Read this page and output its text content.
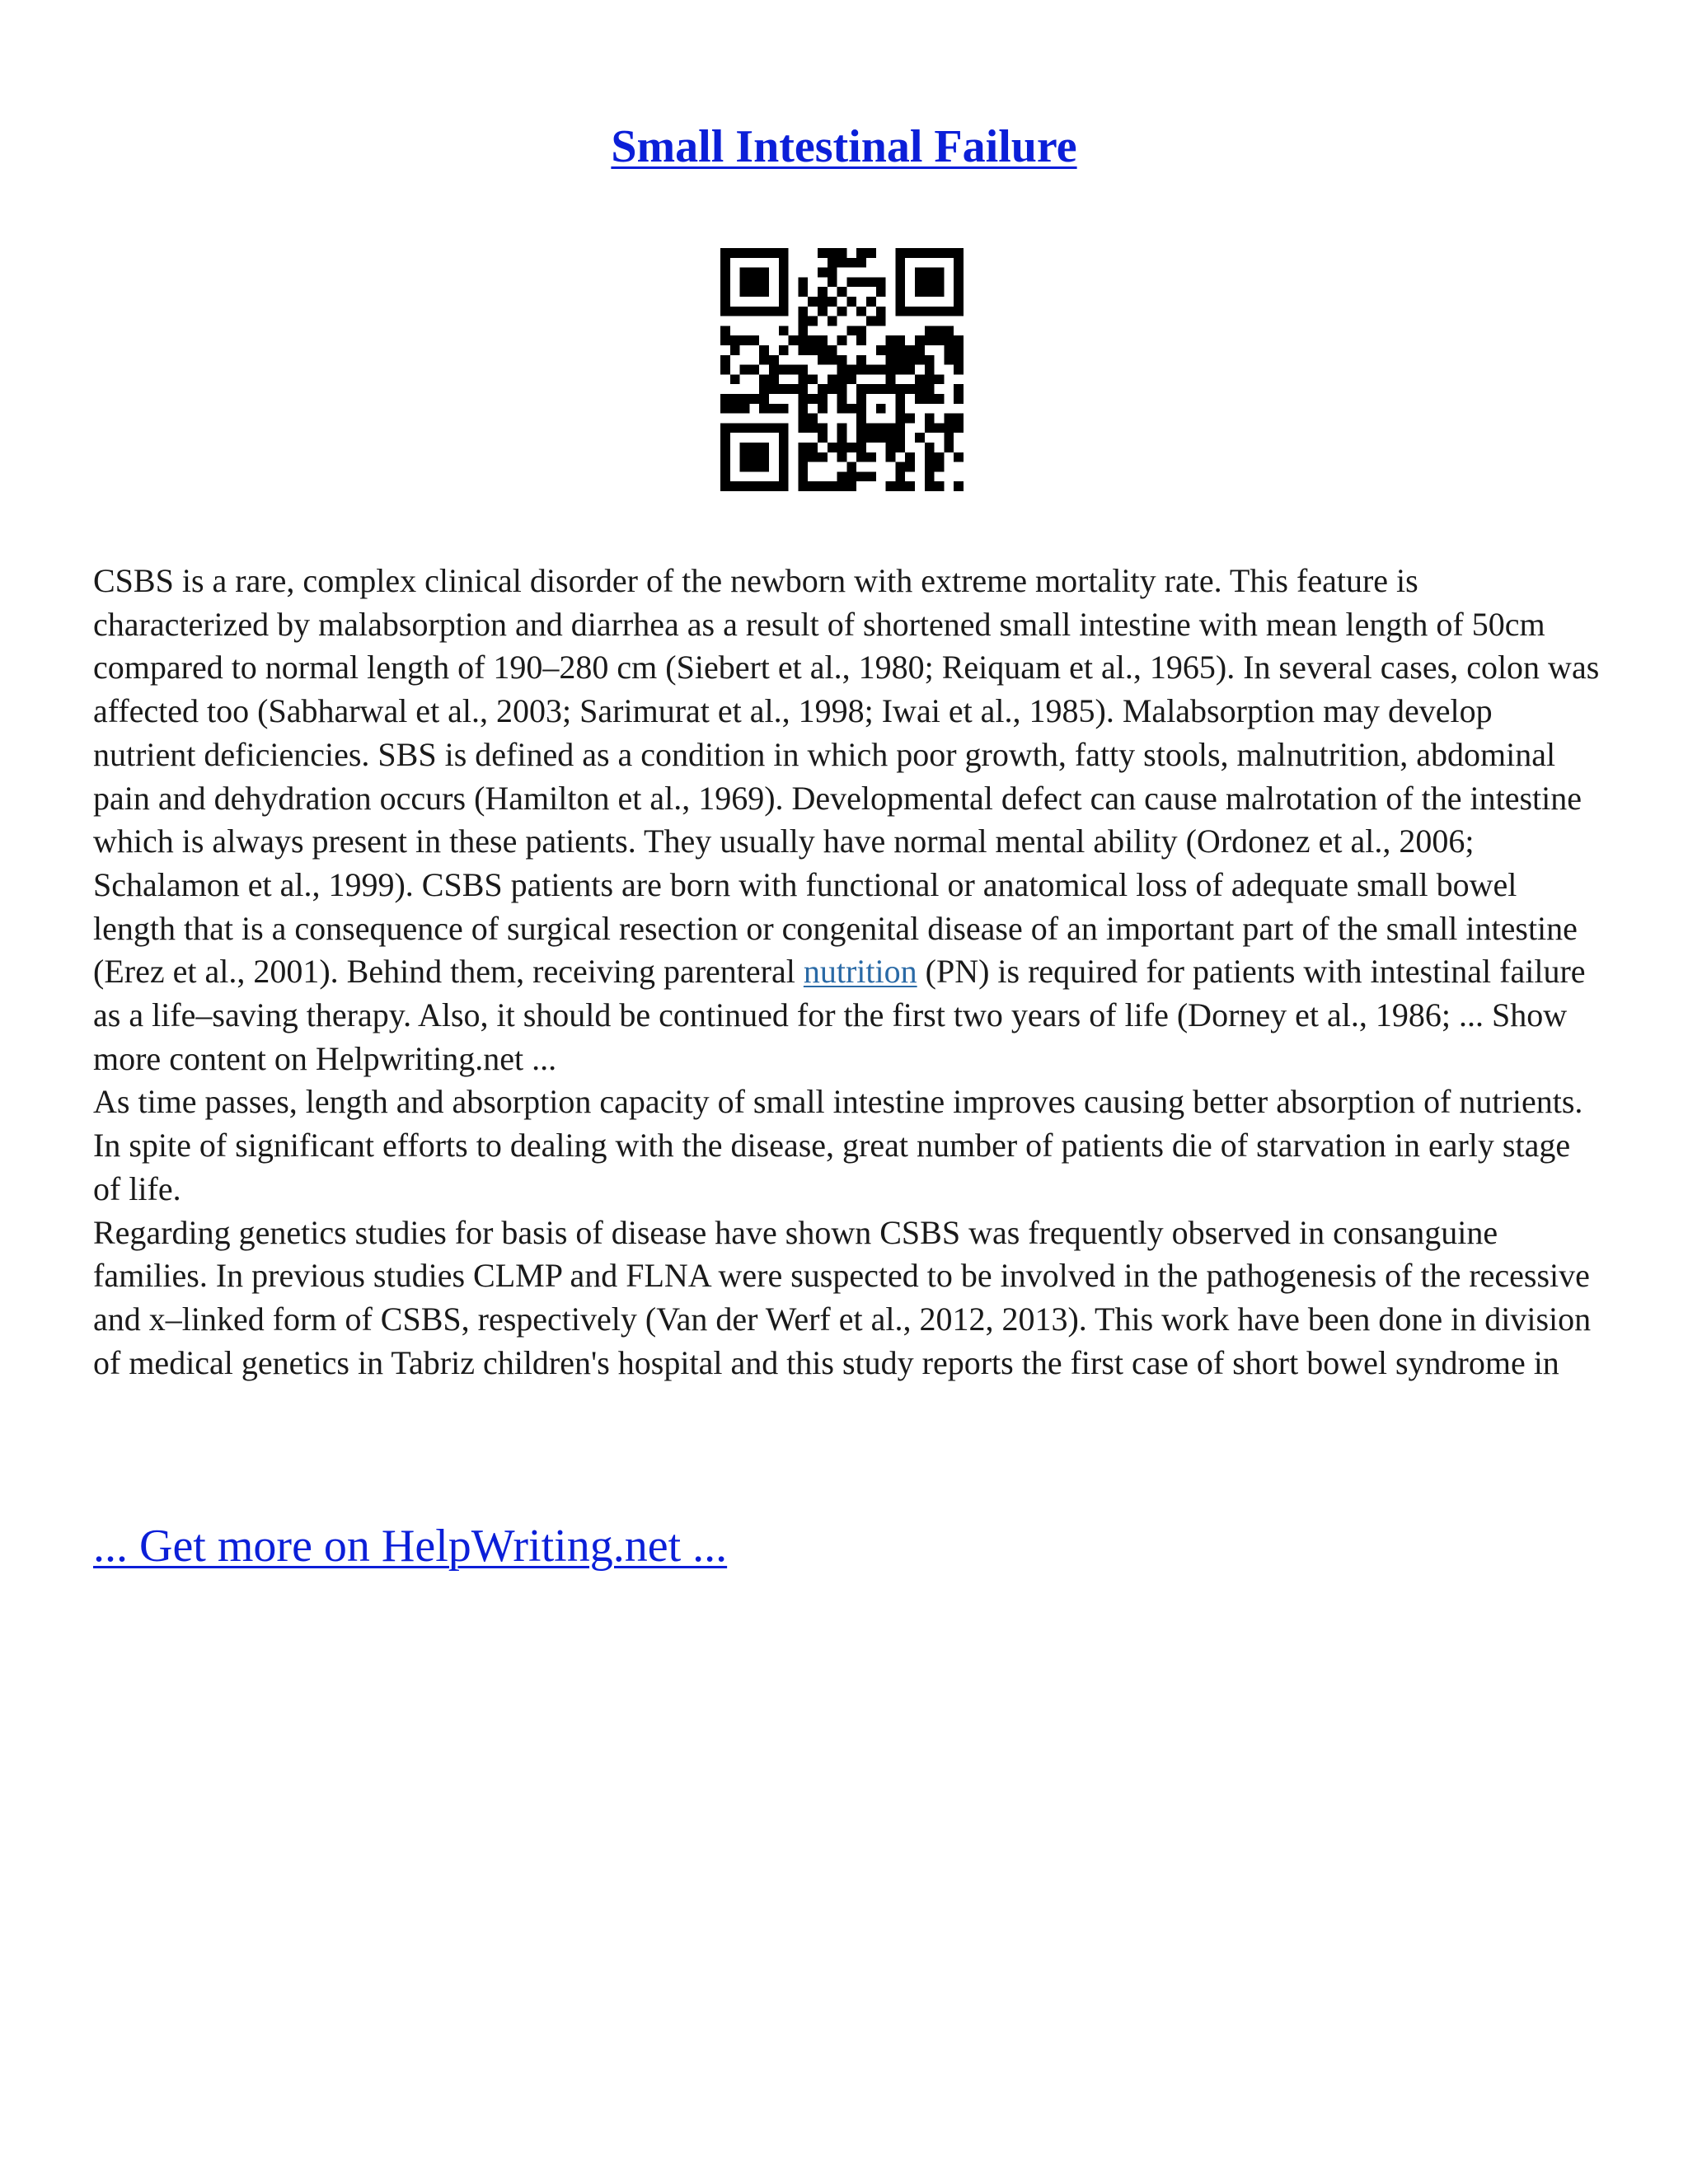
Small Intestinal Failure

CSBS is a rare, complex clinical disorder of the newborn with extreme mortality rate. This feature is characterized by malabsorption and diarrhea as a result of shortened small intestine with mean length of 50cm compared to normal length of 190–280 cm (Siebert et al., 1980; Reiquam et al., 1965). In several cases, colon was affected too (Sabharwal et al., 2003; Sarimurat et al., 1998; Iwai et al., 1985). Malabsorption may develop nutrient deficiencies. SBS is defined as a condition in which poor growth, fatty stools, malnutrition, abdominal pain and dehydration occurs (Hamilton et al., 1969). Developmental defect can cause malrotation of the intestine which is always present in these patients. They usually have normal mental ability (Ordonez et al., 2006; Schalamon et al., 1999). CSBS patients are born with functional or anatomical loss of adequate small bowel length that is a consequence of surgical resection or congenital disease of an important part of the small intestine (Erez et al., 2001). Behind them, receiving parenteral nutrition (PN) is required for patients with intestinal failure as a life–saving therapy. Also, it should be continued for the first two years of life (Dorney et al., 1986; ... Show more content on Helpwriting.net ...

As time passes, length and absorption capacity of small intestine improves causing better absorption of nutrients. In spite of significant efforts to dealing with the disease, great number of patients die of starvation in early stage of life.

Regarding genetics studies for basis of disease have shown CSBS was frequently observed in consanguine families. In previous studies CLMP and FLNA were suspected to be involved in the pathogenesis of the recessive and x–linked form of CSBS, respectively (Van der Werf et al., 2012, 2013). This work have been done in division of medical genetics in Tabriz children's hospital and this study reports the first case of short bowel syndrome in

... Get more on HelpWriting.net ...
